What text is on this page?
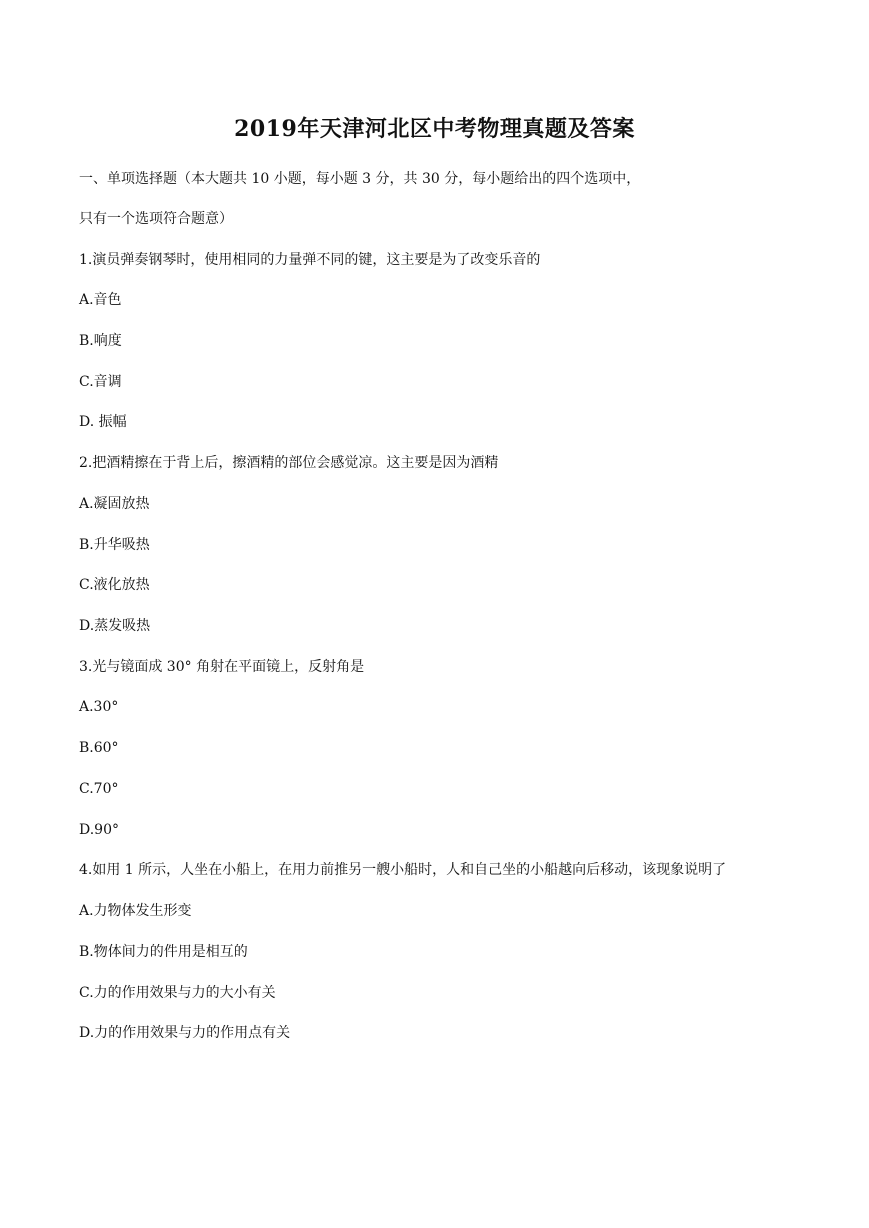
2019年天津河北区中考物理真题及答案
一、单项选择题（本大题共 10 小题，每小题 3 分，共 30 分，每小题给出的四个选项中，
只有一个选项符合题意）
1.演员弹奏钢琴时，使用相同的力量弹不同的键，这主要是为了改变乐音的
A.音色
B.响度
C.音调
D. 振幅
2.把酒精擦在于背上后，擦酒精的部位会感觉凉。这主要是因为酒精
A.凝固放热
B.升华吸热
C.液化放热
D.蒸发吸热
3.光与镜面成 30° 角射在平面镜上，反射角是
A.30°
B.60°
C.70°
D.90°
4.如用 1 所示，人坐在小船上，在用力前推另一艘小船时，人和自己坐的小船越向后移动，该现象说明了
A.力物体发生形变
B.物体间力的件用是相互的
C.力的作用效果与力的大小有关
D.力的作用效果与力的作用点有关
